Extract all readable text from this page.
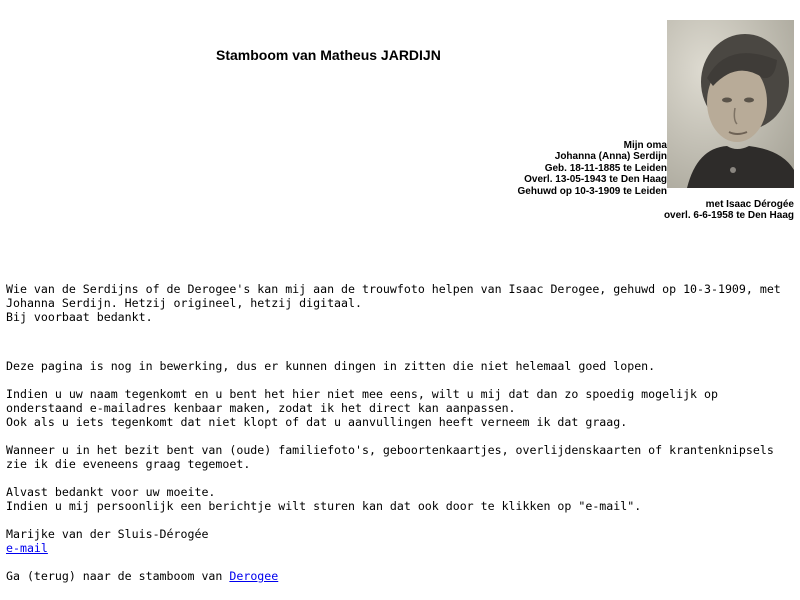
Stamboom van Matheus JARDIJN
Mijn oma
Johanna (Anna) Serdijn
Geb. 18-11-1885 te Leiden
Overl. 13-05-1943 te Den Haag
Gehuwd op 10-3-1909 te Leiden
met Isaac Dérogée
overl. 6-6-1958 te Den Haag

Wie van de Serdijns of de Derogee's kan mij aan de trouwfoto helpen van Isaac Derogee, gehuwd op 10-3-1909, met Johanna Serdijn. Hetzij origineel, hetzij digitaal.
Bij voorbaat bedankt.

Deze pagina is nog in bewerking, dus er kunnen dingen in zitten die niet helemaal goed lopen.

Indien u uw naam tegenkomt en u bent het hier niet mee eens, wilt u mij dat dan zo spoedig mogelijk op onderstaand e-mailadres kenbaar maken, zodat ik het direct kan aanpassen.
Ook als u iets tegenkomt dat niet klopt of dat u aanvullingen heeft verneem ik dat graag.

Wanneer u in het bezit bent van (oude) familiefoto's, geboortenkaartjes, overlijdenskaarten of krantenknipsels zie ik die eveneens graag tegemoet.

Alvast bedankt voor uw moeite.
Indien u mij persoonlijk een berichtje wilt sturen kan dat ook door te klikken op "e-mail".

Marijke van der Sluis-Dérogée
e-mail

Ga (terug) naar de stamboom van Derogee
